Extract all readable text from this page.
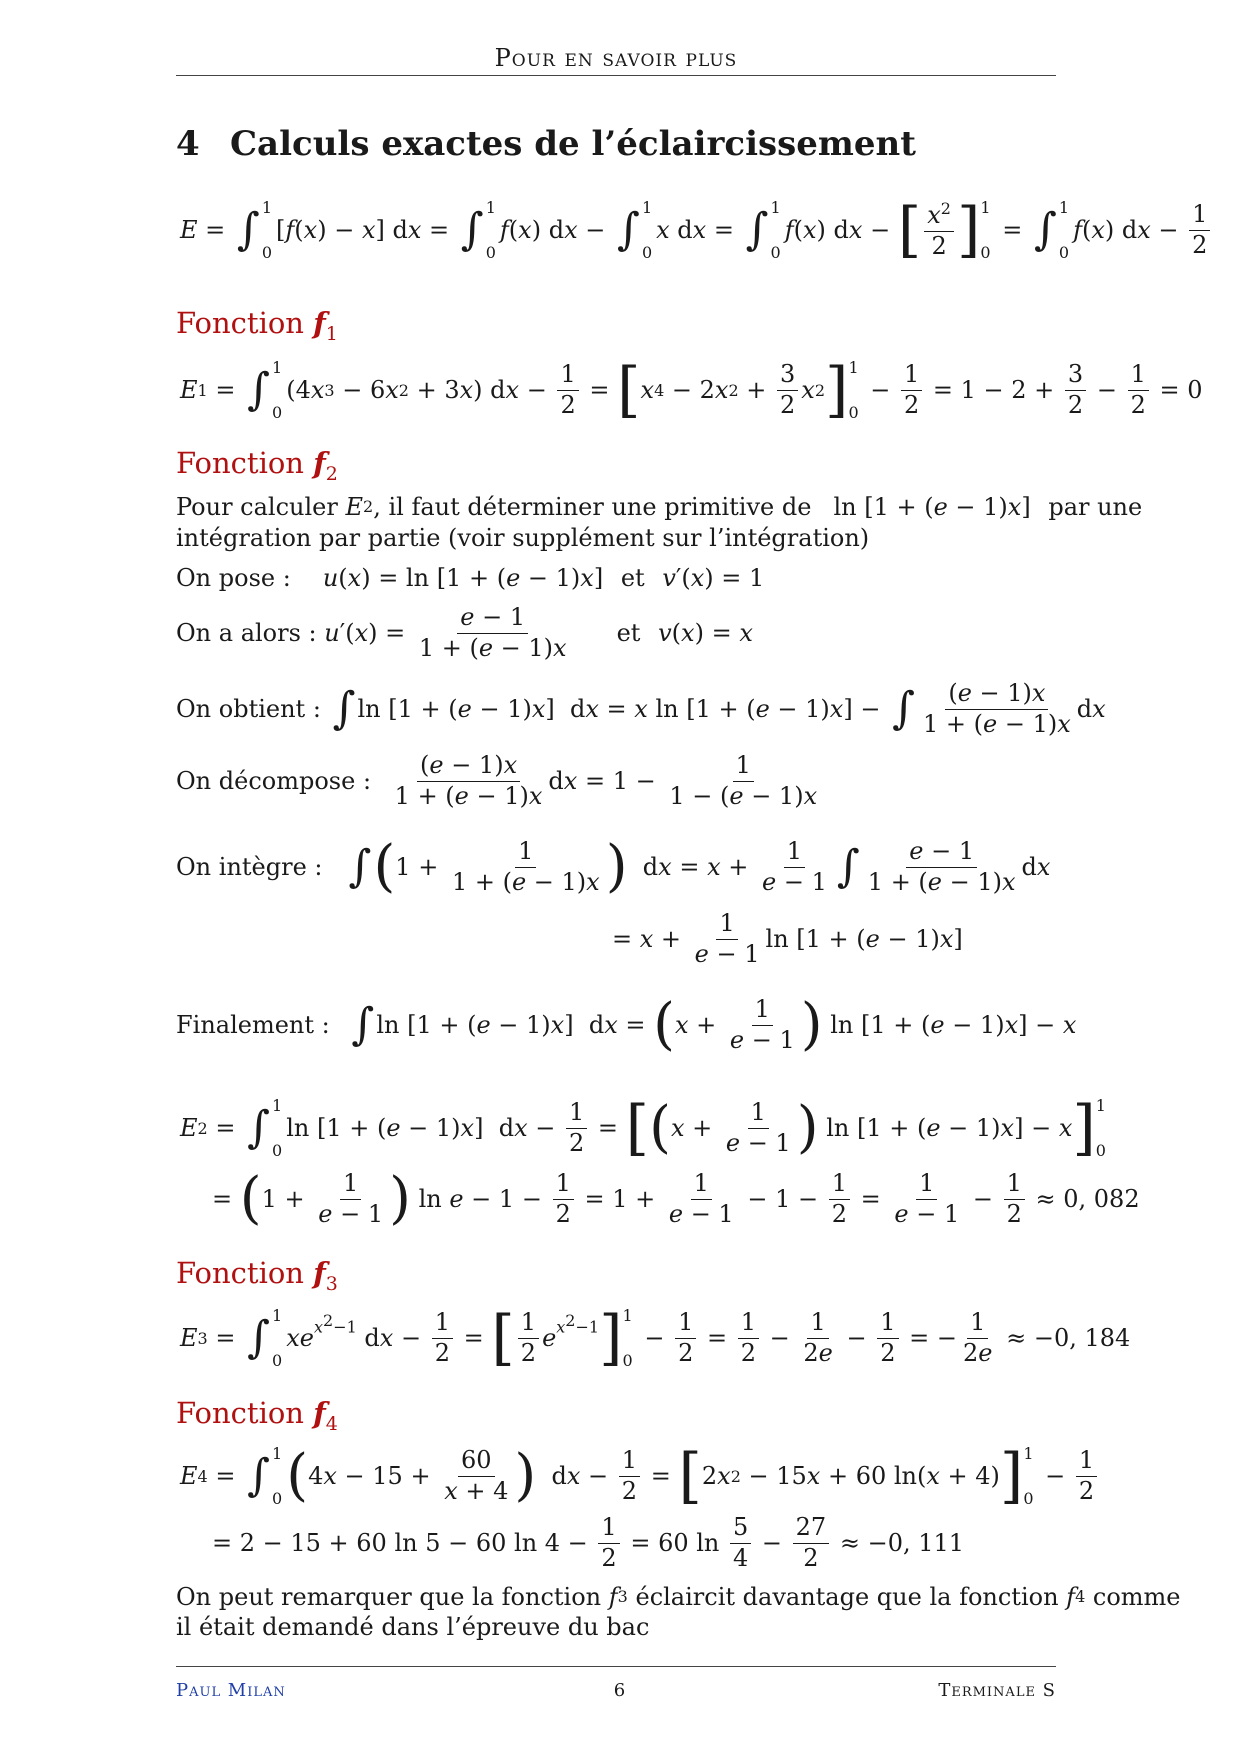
Pour en savoir plus
4 Calculs exactes de l’éclaircissement
E = ∫ 1
0
[ f ( x ) − x ] d x = ∫ 1
0
f ( x ) d x − ∫ 1
0
x d x = ∫ 1
0
f ( x ) d x − [ $\frac{x^2}{2}$ ] 1
0
= ∫ 1
0
f ( x ) d $x - \frac{1}{2}$
Fonction $f_1$
E 1 = ∫ 1
0
(4 x 3 − 6 x 2 + 3 x ) d $x - \frac{1}{2}$ = [ x 4 − 2 x $2 + \frac{3}{2}$ x 2 ] 1
0
− $\frac{1}{2} = 1 - 2 + \frac{3}{2} - \frac{1}{2} = 0$
Fonction $f_2$
Pour calculer
E 2 , il faut déterminer une primitive de ln [1 + ( e − 1) x ]
par une
intégration par partie (voir supplément sur l’intégration)
On pose : u ( x ) = ln [1 + ( e − 1) x ]
et
v ′( x ) = 1
On a alors :
u ′( x ) = $\frac{e - 1}{1 + (e - 1)x}$ et
v ( x ) = x
On obtient :
∫ ln [1 + ( e − 1) x ]  d x = x ln [1 + ( e − 1) x ] − ∫ $\frac{(e - 1)x}{1 + (e - 1)x}$ d x
On décompose :
$\frac{(e - 1)x}{1 + (e - 1)x}$ d $x = 1 - \frac{1}{1 - (e - 1)x}$
On intègre : ∫ ( $1 + \frac{1}{1 + (e - 1)x}$ ) d $x = x + \frac{1}{e - 1}$ ∫ $\frac{e - 1}{1 + (e - 1)x}$ d x
= $x + \frac{1}{e - 1}$ ln [1 + ( e − 1) x ]
Finalement :
∫ ln [1 + ( e − 1) x ]  d x = ( $x + \frac{1}{e - 1}$ ) ln [1 + ( e − 1) x ] − x
E 2 = ∫ 1
0
ln [1 + ( e − 1) x ]  d $x - \frac{1}{2}$ = [ ( $x + \frac{1}{e - 1}$ ) ln [1 + ( e − 1) x ] − x ] 1
0
= ( $1 + \frac{1}{e - 1}$ ) $\ln e - 1 - \frac{1}{2} = 1 + \frac{1}{e - 1} - 1 - \frac{1}{2} = \frac{1}{e - 1} - \frac{1}{2}$
≈ 0, 082
Fonction $f_3$
E 3 = ∫ 1
0
xe $x^2-1$ d $x - \frac{1}{2}$ = [ $\frac{1}{2}$ e $x^2-1$ ] 1
0
− $\frac{1}{2} = \frac{1}{2} - \frac{1}{2e} - \frac{1}{2}$ = − $\frac{1}{2e}$
≈ −0, 184
Fonction $f_4$
E 4 = ∫ 1
0 ( 4 $x - 15 + \frac{60}{x + 4}$ ) d $x - \frac{1}{2}$ = [ 2 x 2 − 15 x + 60 ln( x + 4) ] 1
0
− $\frac{1}{2}$
= 2 − 15 + 60 ln 5 − 60 $\ln 4 - \frac{1}{2} = 60$ $\ln \frac{5}{4} - \frac{27}{2}$
≈ −0, 111
On peut remarquer que la fonction
f 3
éclaircit davantage que la fonction
f 4
comme
il était demandé dans l’épreuve du bac
Paul Milan	6	Terminale S
